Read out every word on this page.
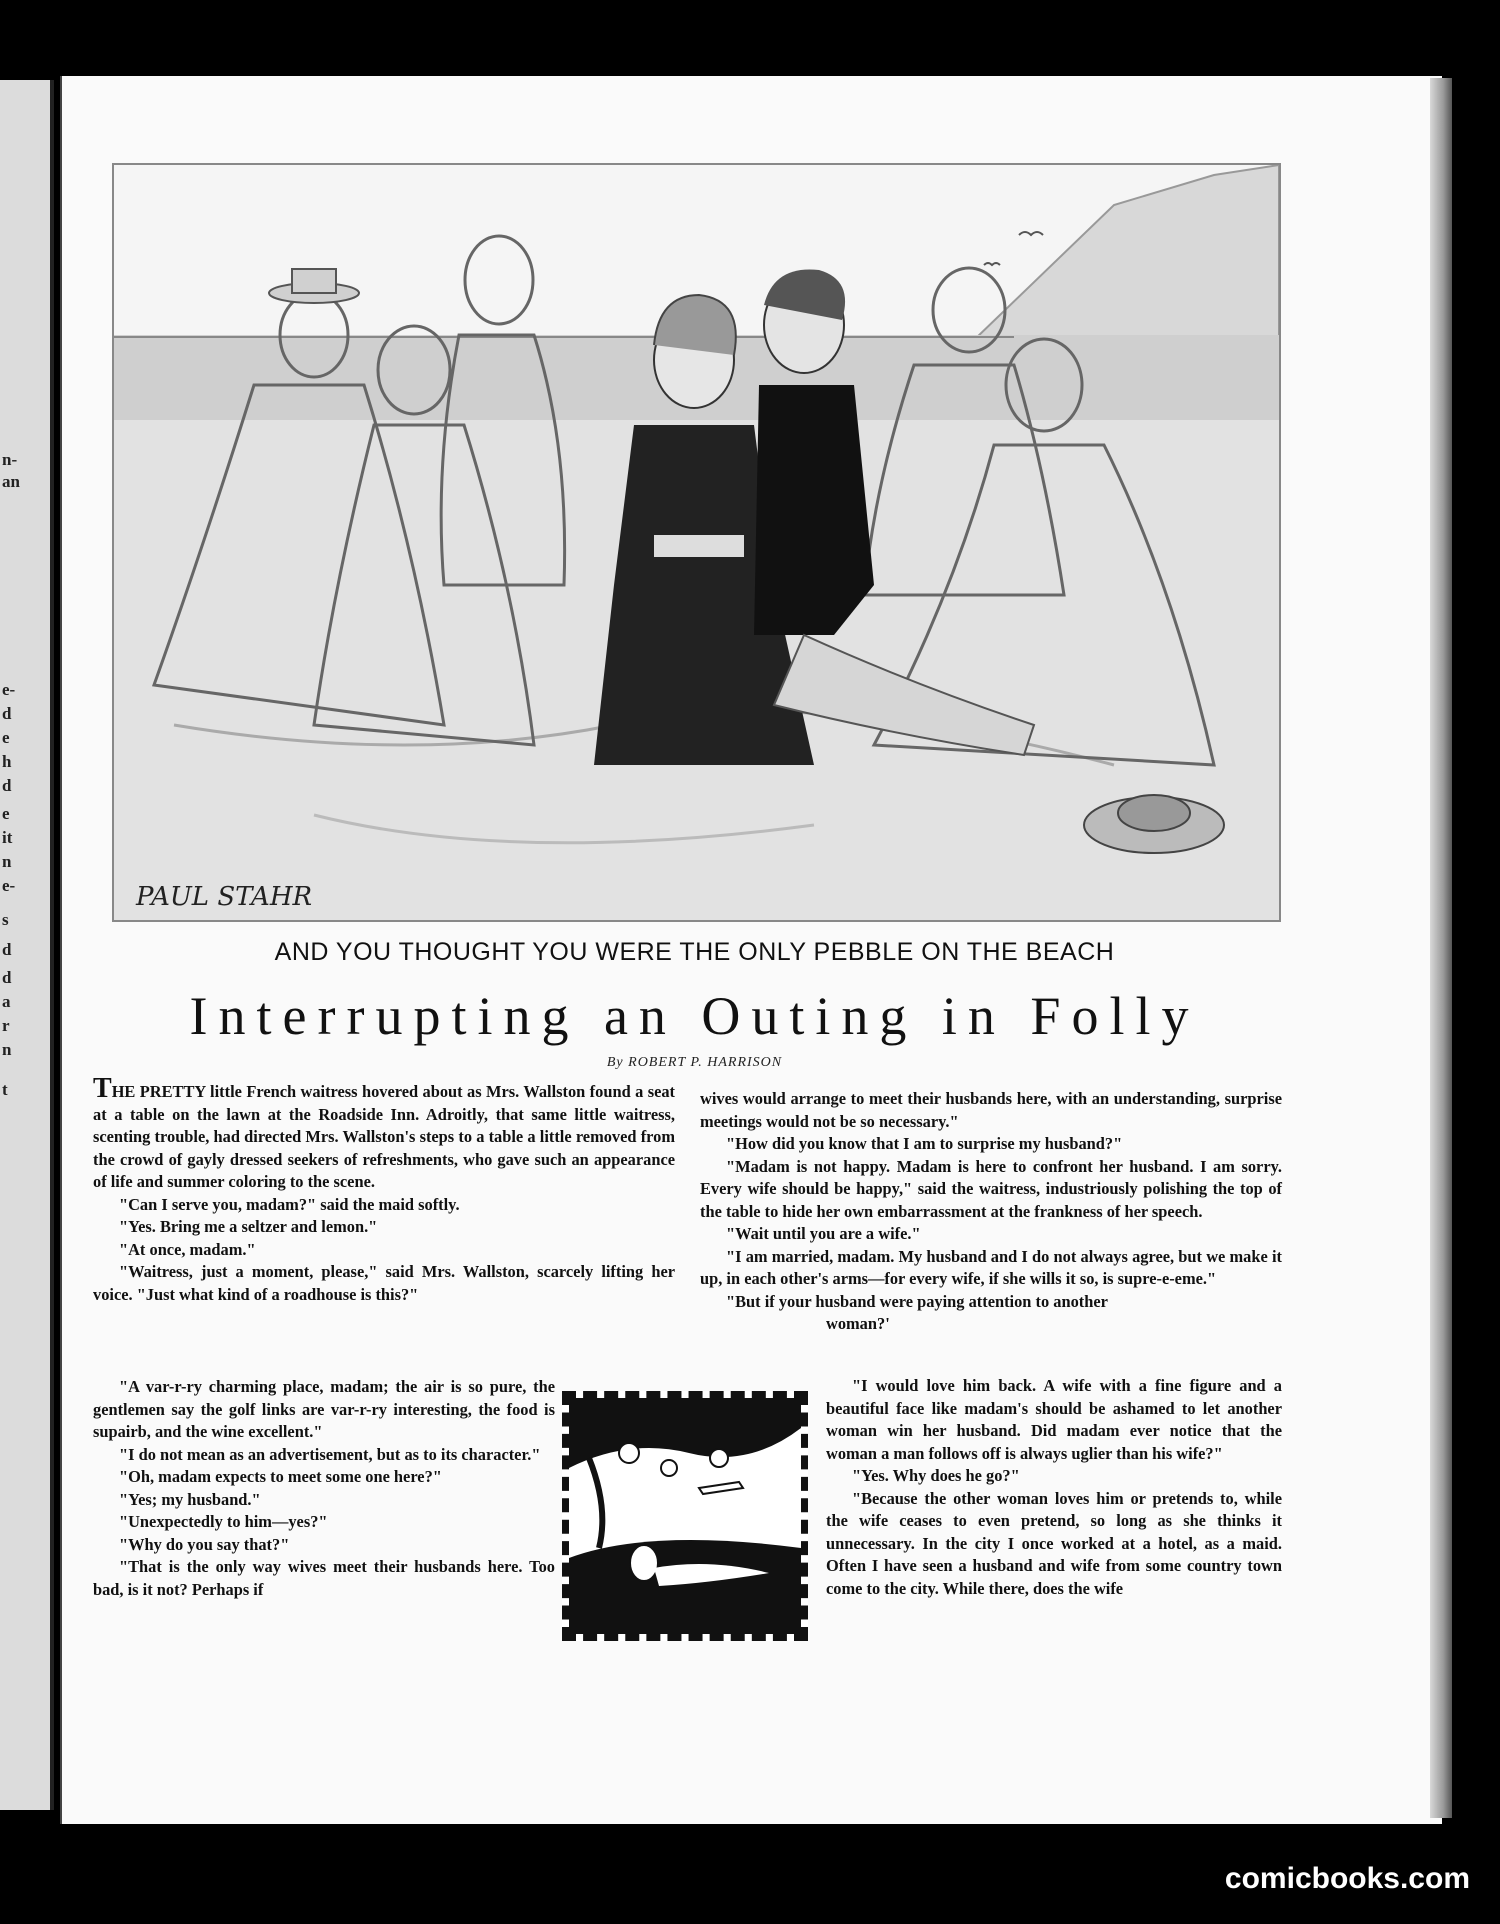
n-
an
e-
d
e
h
d
e
it
n
e-
s
d
d
a
r
n
t
PAUL STAHR
AND YOU THOUGHT YOU WERE THE ONLY PEBBLE ON THE BEACH
Interrupting an Outing in Folly
By ROBERT P. HARRISON

THE PRETTY little French waitress hovered about as Mrs. Wallston found a seat at a table on the lawn at the Roadside Inn. Adroitly, that same little waitress, scenting trouble, had directed Mrs. Wallston's steps to a table a little removed from the crowd of gayly dressed seekers of refreshments, who gave such an appearance of life and summer coloring to the scene.

"Can I serve you, madam?" said the maid softly.

"Yes. Bring me a seltzer and lemon."

"At once, madam."

"Waitress, just a moment, please," said Mrs. Wallston, scarcely lifting her voice. "Just what kind of a roadhouse is this?"

"A var-r-ry charming place, madam; the air is so pure, the gentlemen say the golf links are var-r-ry interesting, the food is supairb, and the wine excellent."

"I do not mean as an advertisement, but as to its character."

"Oh, madam expects to meet some one here?"

"Yes; my husband."

"Unexpectedly to him—yes?"

"Why do you say that?"

"That is the only way wives meet their husbands here. Too bad, is it not? Perhaps if

wives would arrange to meet their husbands here, with an understanding, surprise meetings would not be so necessary."

"How did you know that I am to surprise my husband?"

"Madam is not happy. Madam is here to confront her husband. I am sorry. Every wife should be happy," said the waitress, industriously polishing the top of the table to hide her own embarrassment at the frankness of her speech.

"Wait until you are a wife."

"I am married, madam. My husband and I do not always agree, but we make it up, in each other's arms—for every wife, if she wills it so, is supre-e-eme."

"But if your husband were paying attention to another

woman?'

"I would love him back. A wife with a fine figure and a beautiful face like madam's should be ashamed to let another woman win her husband. Did madam ever notice that the woman a man follows off is always uglier than his wife?"

"Yes. Why does he go?"

"Because the other woman loves him or pretends to, while the wife ceases to even pretend, so long as she thinks it unnecessary. In the city I once worked at a hotel, as a maid. Often I have seen a husband and wife from some country town come to the city. While there, does the wife

comicbooks.com
